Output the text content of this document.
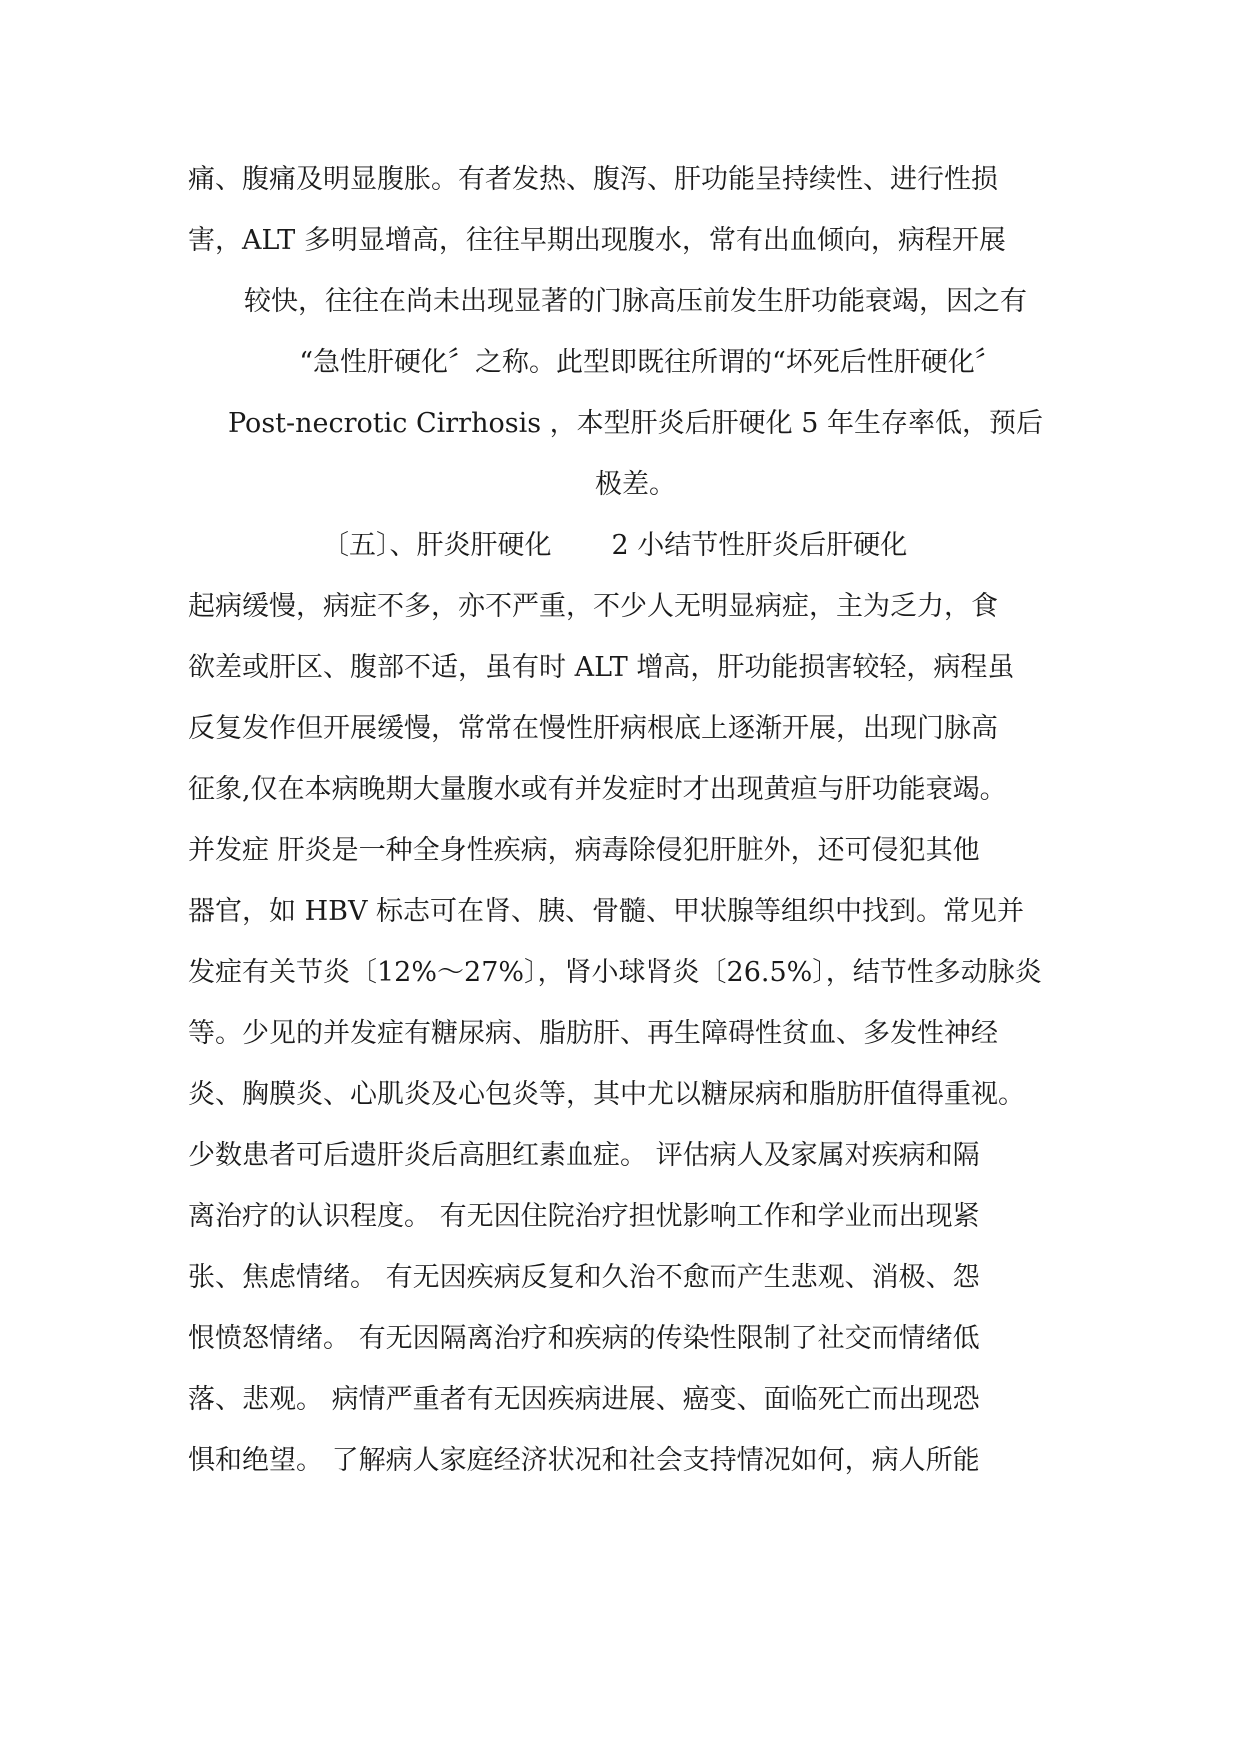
痛、腹痛及明显腹胀。有者发热、腹泻、肝功能呈持续性、进行性损
害，ALT 多明显增高，往往早期出现腹水，常有出血倾向，病程开展
较快，往往在尚未出现显著的门脉高压前发生肝功能衰竭，因之有
“急性肝硬化〞之称。此型即既往所谓的“坏死后性肝硬化〞
Post-necrotic Cirrhosis ，本型肝炎后肝硬化 5 年生存率低，预后
极差。
〔五〕、肝炎肝硬化 2 小结节性肝炎后肝硬化
起病缓慢，病症不多，亦不严重，不少人无明显病症，主为乏力，食
欲差或肝区、腹部不适，虽有时 ALT 增高，肝功能损害较轻，病程虽
反复发作但开展缓慢，常常在慢性肝病根底上逐渐开展，出现门脉高
征象,仅在本病晚期大量腹水或有并发症时才出现黄疸与肝功能衰竭。
并发症 肝炎是一种全身性疾病，病毒除侵犯肝脏外，还可侵犯其他
器官，如 HBV 标志可在肾、胰、骨髓、甲状腺等组织中找到。常见并
发症有关节炎〔12%～27%〕，肾小球肾炎〔26.5%〕，结节性多动脉炎
等。少见的并发症有糖尿病、脂肪肝、再生障碍性贫血、多发性神经
炎、胸膜炎、心肌炎及心包炎等，其中尤以糖尿病和脂肪肝值得重视。
少数患者可后遗肝炎后高胆红素血症。 评估病人及家属对疾病和隔
离治疗的认识程度。 有无因住院治疗担忧影响工作和学业而出现紧
张、焦虑情绪。 有无因疾病反复和久治不愈而产生悲观、消极、怨
恨愤怒情绪。 有无因隔离治疗和疾病的传染性限制了社交而情绪低
落、悲观。 病情严重者有无因疾病进展、癌变、面临死亡而出现恐
惧和绝望。 了解病人家庭经济状况和社会支持情况如何，病人所能
